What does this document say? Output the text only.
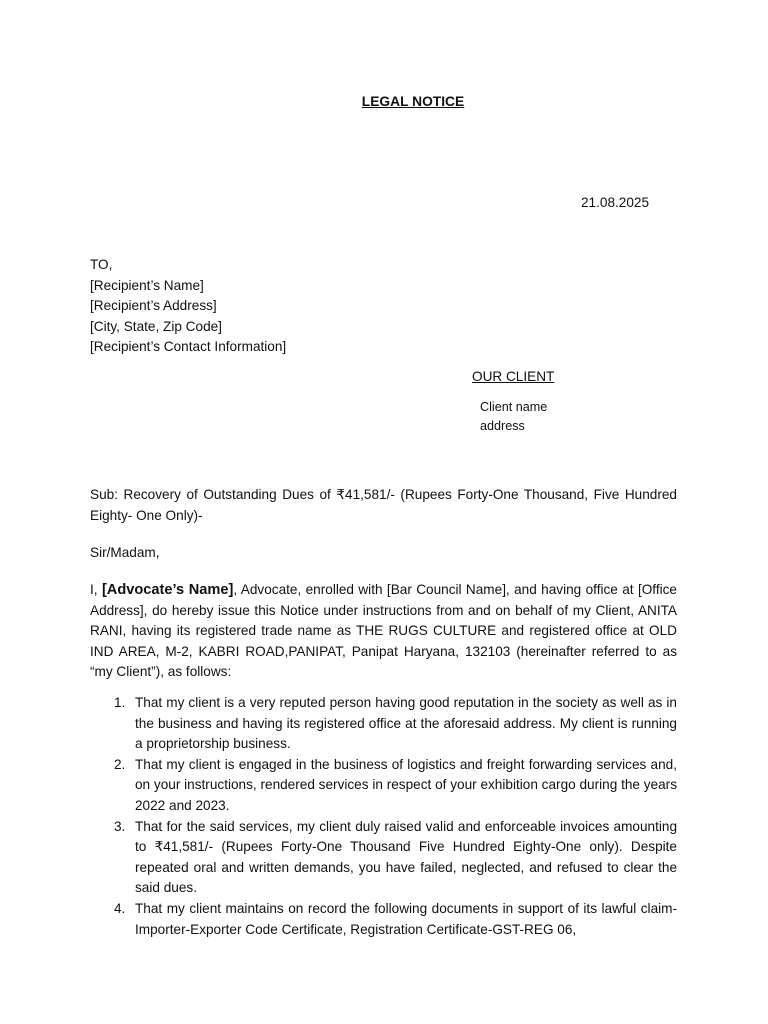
LEGAL NOTICE
21.08.2025
TO,
[Recipient’s Name]
[Recipient’s Address]
[City, State, Zip Code]
[Recipient’s Contact Information]
OUR CLIENT
Client name
address
Sub: Recovery of Outstanding Dues of ₹41,581/- (Rupees Forty-One Thousand, Five Hundred Eighty- One Only)-
Sir/Madam,
I, [Advocate’s Name], Advocate, enrolled with [Bar Council Name], and having office at [Office Address], do hereby issue this Notice under instructions from and on behalf of my Client, ANITA RANI, having its registered trade name as THE RUGS CULTURE and registered office at OLD IND AREA, M-2, KABRI ROAD,PANIPAT, Panipat Haryana, 132103 (hereinafter referred to as “my Client”), as follows:
1. That my client is a very reputed person having good reputation in the society as well as in the business and having its registered office at the aforesaid address. My client is running a proprietorship business.
2. That my client is engaged in the business of logistics and freight forwarding services and, on your instructions, rendered services in respect of your exhibition cargo during the years 2022 and 2023.
3. That for the said services, my client duly raised valid and enforceable invoices amounting to ₹41,581/- (Rupees Forty-One Thousand Five Hundred Eighty-One only). Despite repeated oral and written demands, you have failed, neglected, and refused to clear the said dues.
4. That my client maintains on record the following documents in support of its lawful claim- Importer-Exporter Code Certificate, Registration Certificate-GST-REG 06,
